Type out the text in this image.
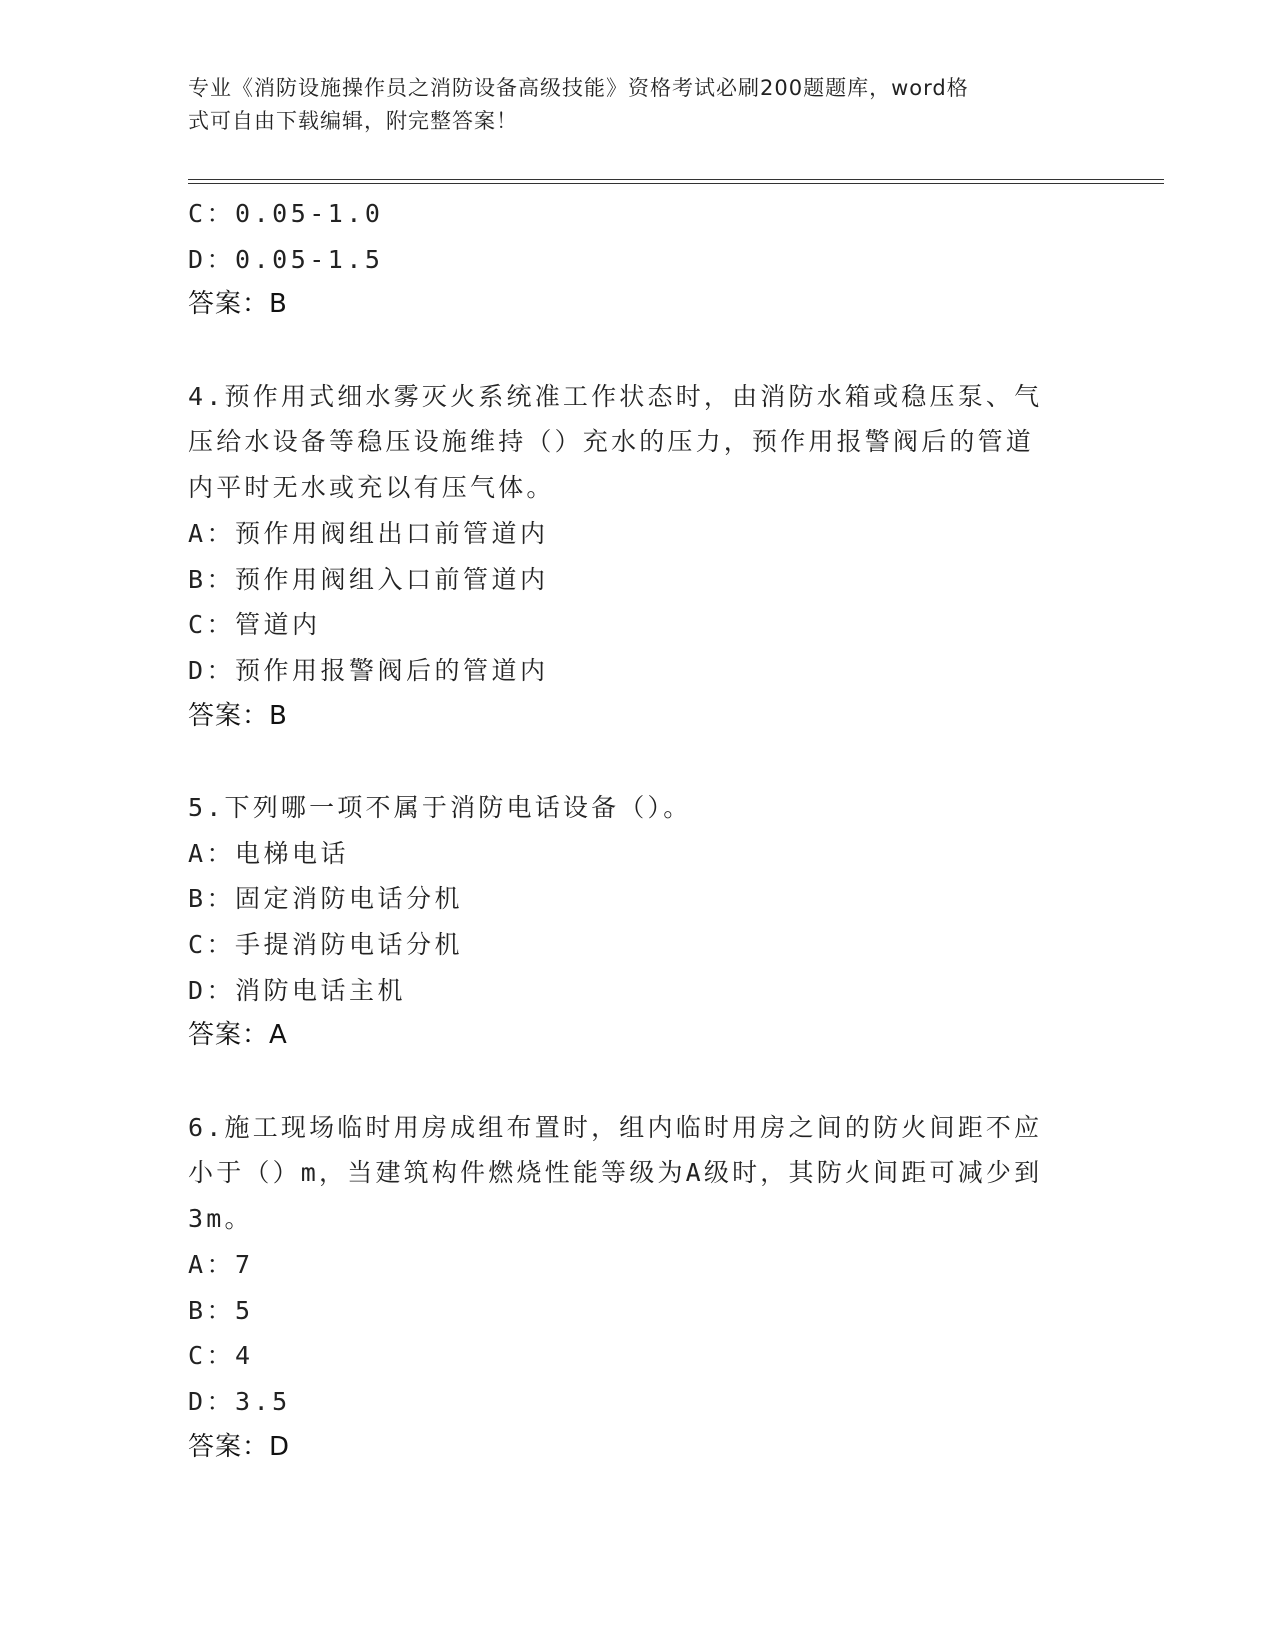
专业《消防设施操作员之消防设备高级技能》资格考试必刷200题题库，word格
式可自由下载编辑，附完整答案！
C：0.05-1.0
D：0.05-1.5
答案：B
4.预作用式细水雾灭火系统准工作状态时，由消防水箱或稳压泵、气
压给水设备等稳压设施维持（）充水的压力，预作用报警阀后的管道
内平时无水或充以有压气体。
A：预作用阀组出口前管道内
B：预作用阀组入口前管道内
C：管道内
D：预作用报警阀后的管道内
答案：B
5.下列哪一项不属于消防电话设备（）。
A：电梯电话
B：固定消防电话分机
C：手提消防电话分机
D：消防电话主机
答案：A
6.施工现场临时用房成组布置时，组内临时用房之间的防火间距不应
小于（）m，当建筑构件燃烧性能等级为A级时，其防火间距可减少到
3m。
A：7
B：5
C：4
D：3.5
答案：D
